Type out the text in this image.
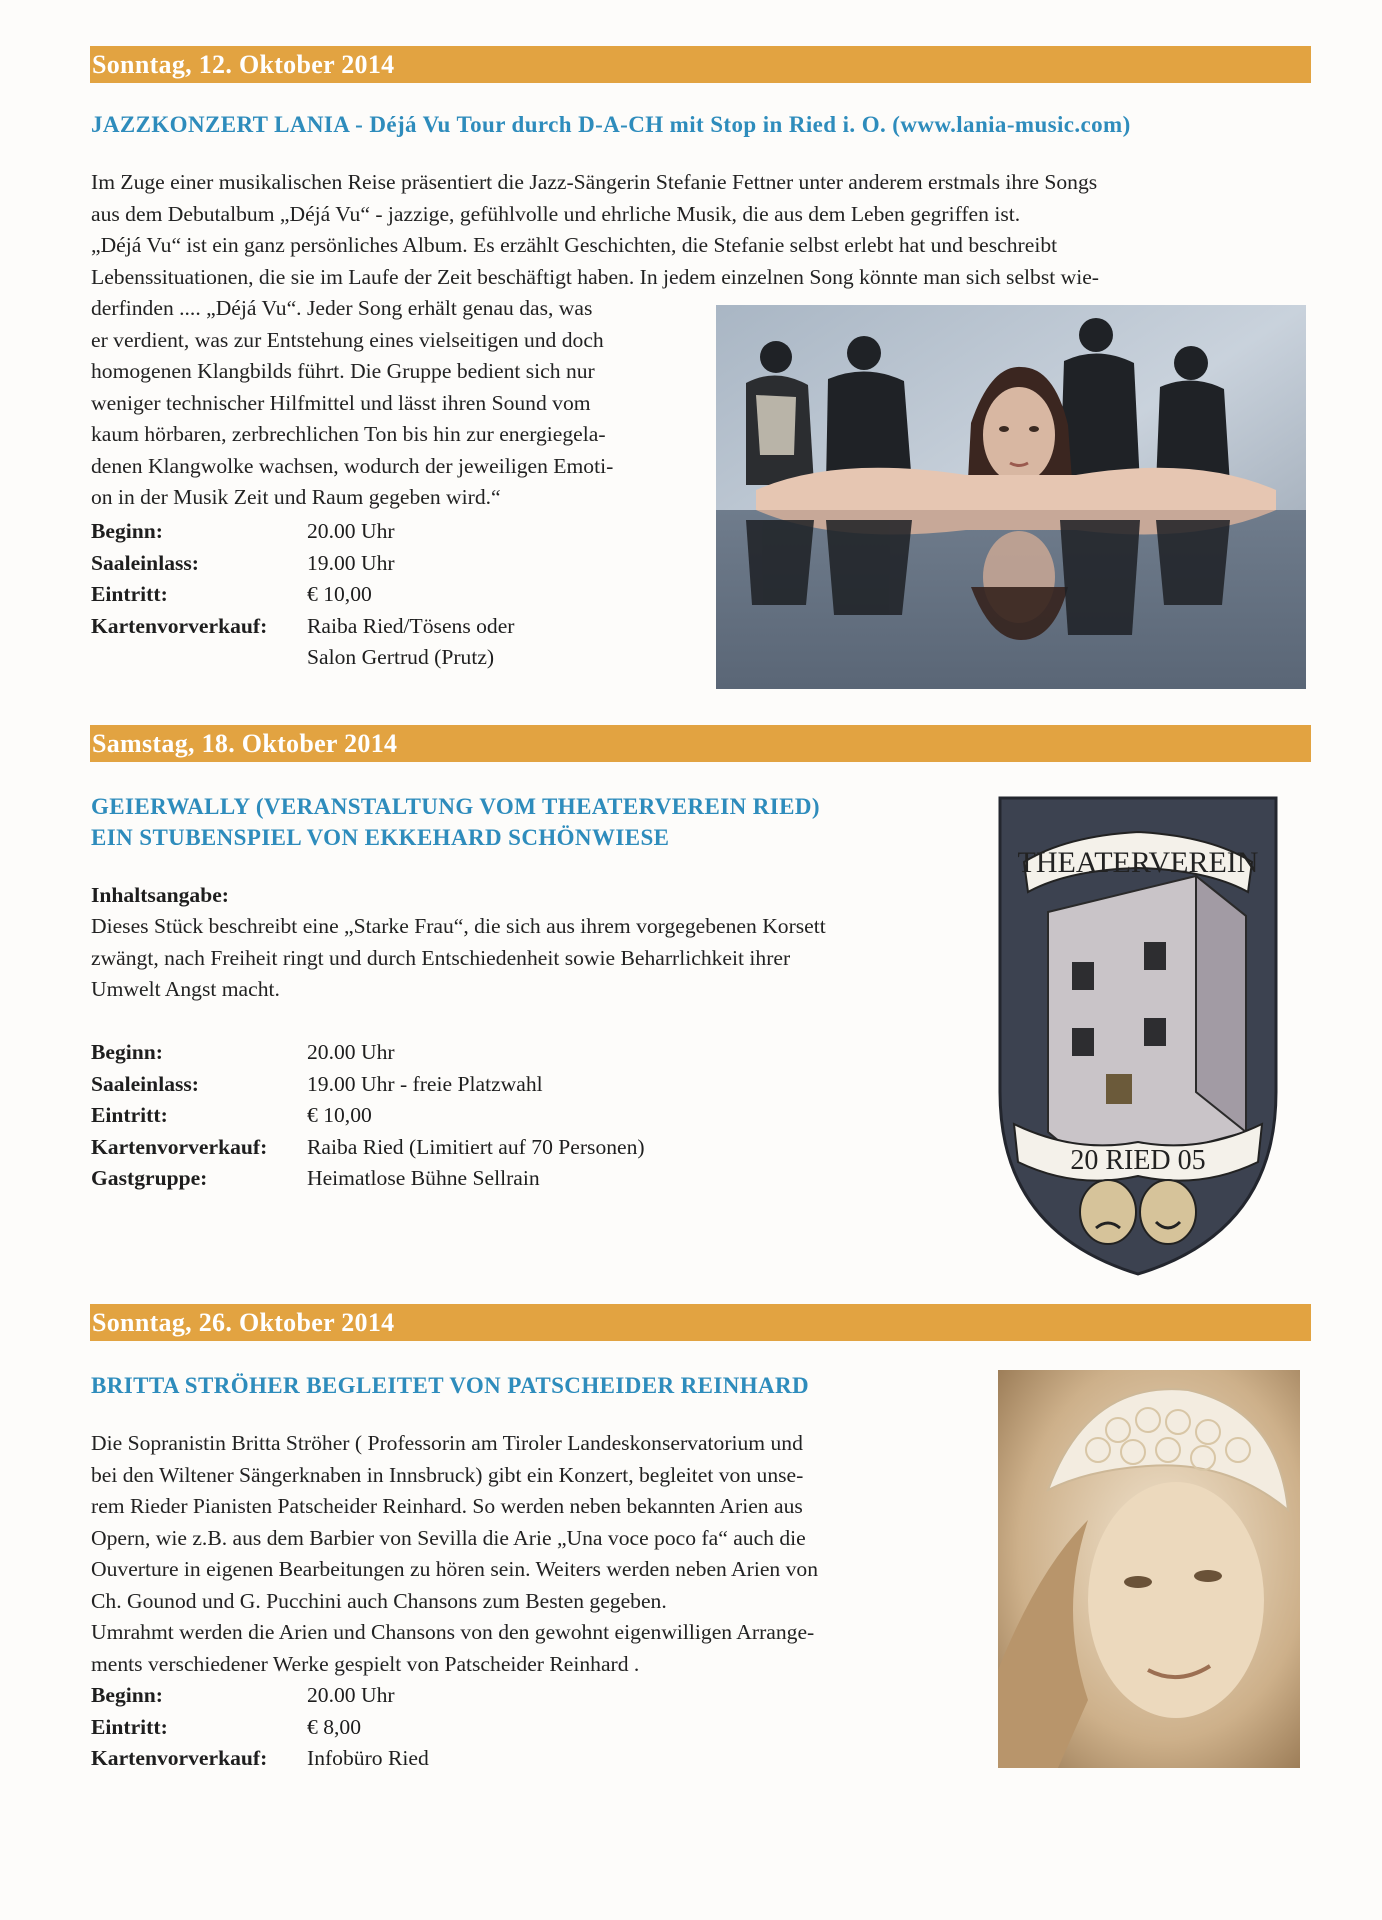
Sonntag, 12. Oktober 2014
JAZZKONZERT LANIA - Déjá Vu Tour durch D-A-CH mit Stop in Ried i. O. (www.lania-music.com)
Im Zuge einer musikalischen Reise präsentiert die Jazz-Sängerin Stefanie Fettner unter anderem erstmals ihre Songs
aus dem Debutalbum „Déjá Vu“ - jazzige, gefühlvolle und ehrliche Musik, die aus dem Leben gegriffen ist.
„Déjá Vu“ ist ein ganz persönliches Album. Es erzählt Geschichten, die Stefanie selbst erlebt hat und beschreibt
Lebenssituationen, die sie im Laufe der Zeit beschäftigt haben. In jedem einzelnen Song könnte man sich selbst wie-
derfinden .... „Déjá Vu“. Jeder Song erhält genau das, was
er verdient, was zur Entstehung eines vielseitigen und doch
homogenen Klangbilds führt. Die Gruppe bedient sich nur
weniger technischer Hilfmittel und lässt ihren Sound vom
kaum hörbaren, zerbrechlichen Ton bis hin zur energiegela-
denen Klangwolke wachsen, wodurch der jeweiligen Emoti-
on in der Musik Zeit und Raum gegeben wird.“
Beginn:	20.00 Uhr
Saaleinlass:	19.00 Uhr
Eintritt:	€ 10,00
Kartenvorverkauf: Raiba Ried/Tösens oder
Salon Gertrud (Prutz)
Samstag, 18. Oktober 2014
GEIERWALLY (VERANSTALTUNG VOM THEATERVEREIN RIED)
EIN STUBENSPIEL VON EKKEHARD SCHÖNWIESE
Inhaltsangabe:
Dieses Stück beschreibt eine „Starke Frau“, die sich aus ihrem vorgegebenen Korsett
zwängt, nach Freiheit ringt und durch Entschiedenheit sowie Beharrlichkeit ihrer
Umwelt Angst macht.
Beginn:	20.00 Uhr
Saaleinlass:	19.00 Uhr - freie Platzwahl
Eintritt:	€ 10,00
Kartenvorverkauf: Raiba Ried (Limitiert auf 70 Personen)
Gastgruppe:	Heimatlose Bühne Sellrain
THEATERVEREIN
20 RIED 05
Sonntag, 26. Oktober 2014
BRITTA STRÖHER BEGLEITET VON PATSCHEIDER REINHARD
Die Sopranistin Britta Ströher ( Professorin am Tiroler Landeskonservatorium und
bei den Wiltener Sängerknaben in Innsbruck) gibt ein Konzert, begleitet von unse-
rem Rieder Pianisten Patscheider Reinhard. So werden neben bekannten Arien aus
Opern, wie z.B. aus dem Barbier von Sevilla die Arie „Una voce poco fa“ auch die
Ouverture in eigenen Bearbeitungen zu hören sein. Weiters werden neben Arien von
Ch. Gounod und G. Pucchini auch Chansons zum Besten gegeben.
Umrahmt werden die Arien und Chansons von den gewohnt eigenwilligen Arrange-
ments verschiedener Werke gespielt von Patscheider Reinhard .
Beginn:	20.00 Uhr
Eintritt:	€ 8,00
Kartenvorverkauf: Infobüro Ried
